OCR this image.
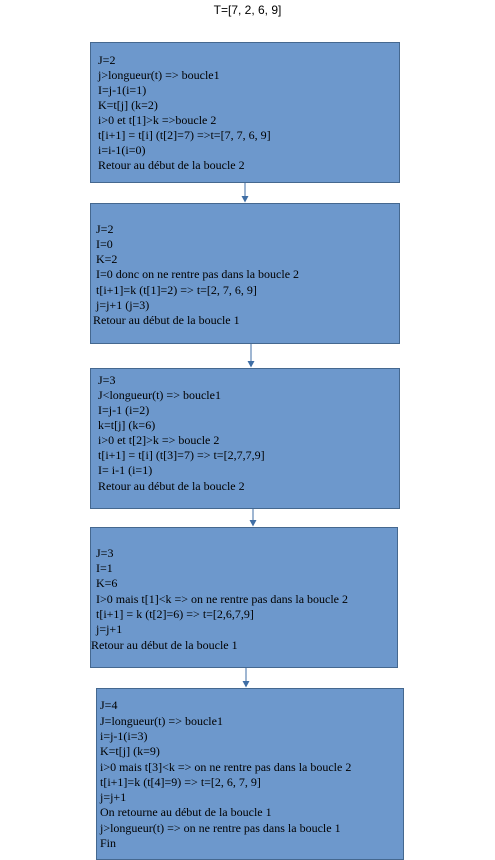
T=[7, 2, 6, 9]
J=2
j>longueur(t) => boucle1
I=j-1(i=1)
K=t[j] (k=2)
i>0 et t[1]>k =>boucle 2
t[i+1] = t[i] (t[2]=7) =>t=[7, 7, 6, 9]
i=i-1(i=0)
Retour au début de la boucle 2
J=2
I=0
K=2
I=0 donc on ne rentre pas dans la boucle 2
t[i+1]=k (t[1]=2) => t=[2, 7, 6, 9]
j=j+1 (j=3)
Retour au début de la boucle 1
J=3
J<longueur(t) => boucle1
I=j-1 (i=2)
k=t[j] (k=6)
i>0 et t[2]>k => boucle 2
t[i+1] = t[i] (t[3]=7) => t=[2,7,7,9]
I= i-1 (i=1)
Retour au début de la boucle 2
J=3
I=1
K=6
I>0 mais t[1]<k => on ne rentre pas dans la boucle 2
t[i+1] = k (t[2]=6) => t=[2,6,7,9]
j=j+1
Retour au début de la boucle 1
J=4
J=longueur(t) => boucle1
i=j-1(i=3)
K=t[j] (k=9)
i>0 mais t[3]<k => on ne rentre pas dans la boucle 2
t[i+1]=k (t[4]=9) => t=[2, 6, 7, 9]
j=j+1
On retourne au début de la boucle 1
j>longueur(t) => on ne rentre pas dans la boucle 1
Fin
